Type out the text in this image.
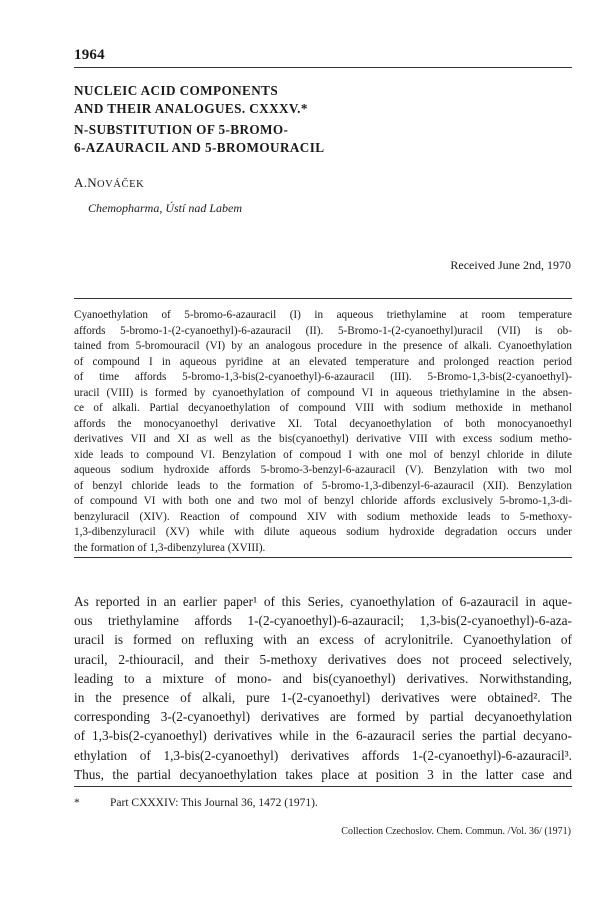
1964
NUCLEIC ACID COMPONENTS
AND THEIR ANALOGUES. CXXXV.*
N-SUBSTITUTION OF 5-BROMO-
6-AZAURACIL AND 5-BROMOURACIL
A.NOVÁČEK
Chemopharma, Ústí nad Labem
Received June 2nd, 1970
Cyanoethylation of 5-bromo-6-azauracil (I) in aqueous triethylamine at room temperature
affords 5-bromo-1-(2-cyanoethyl)-6-azauracil (II). 5-Bromo-1-(2-cyanoethyl)uracil (VII) is ob-
tained from 5-bromouracil (VI) by an analogous procedure in the presence of alkali. Cyanoethylation
of compound I in aqueous pyridine at an elevated temperature and prolonged reaction period
of time affords 5-bromo-1,3-bis(2-cyanoethyl)-6-azauracil (III). 5-Bromo-1,3-bis(2-cyanoethyl)-
uracil (VIII) is formed by cyanoethylation of compound VI in aqueous triethylamine in the absen-
ce of alkali. Partial decyanoethylation of compound VIII with sodium methoxide in methanol
affords the monocyanoethyl derivative XI. Total decyanoethylation of both monocyanoethyl
derivatives VII and XI as well as the bis(cyanoethyl) derivative VIII with excess sodium metho-
xide leads to compound VI. Benzylation of compoud I with one mol of benzyl chloride in dilute
aqueous sodium hydroxide affords 5-bromo-3-benzyl-6-azauracil (V). Benzylation with two mol
of benzyl chloride leads to the formation of 5-bromo-1,3-dibenzyl-6-azauracil (XII). Benzylation
of compound VI with both one and two mol of benzyl chloride affords exclusively 5-bromo-1,3-di-
benzyluracil (XIV). Reaction of compound XIV with sodium methoxide leads to 5-methoxy-
1,3-dibenzyluracil (XV) while with dilute aqueous sodium hydroxide degradation occurs under
the formation of 1,3-dibenzylurea (XVIII).
As reported in an earlier paper¹ of this Series, cyanoethylation of 6-azauracil in aque-
ous triethylamine affords 1-(2-cyanoethyl)-6-azauracil; 1,3-bis(2-cyanoethyl)-6-aza-
uracil is formed on refluxing with an excess of acrylonitrile. Cyanoethylation of
uracil, 2-thiouracil, and their 5-methoxy derivatives does not proceed selectively,
leading to a mixture of mono- and bis(cyanoethyl) derivatives. Norwithstanding,
in the presence of alkali, pure 1-(2-cyanoethyl) derivatives were obtained². The
corresponding 3-(2-cyanoethyl) derivatives are formed by partial decyanoethylation
of 1,3-bis(2-cyanoethyl) derivatives while in the 6-azauracil series the partial decyano-
ethylation of 1,3-bis(2-cyanoethyl) derivatives affords 1-(2-cyanoethyl)-6-azauracil³.
Thus, the partial decyanoethylation takes place at position 3 in the latter case and
*	Part CXXXIV: This Journal 36, 1472 (1971).
Collection Czechoslov. Chem. Commun. /Vol. 36/ (1971)
